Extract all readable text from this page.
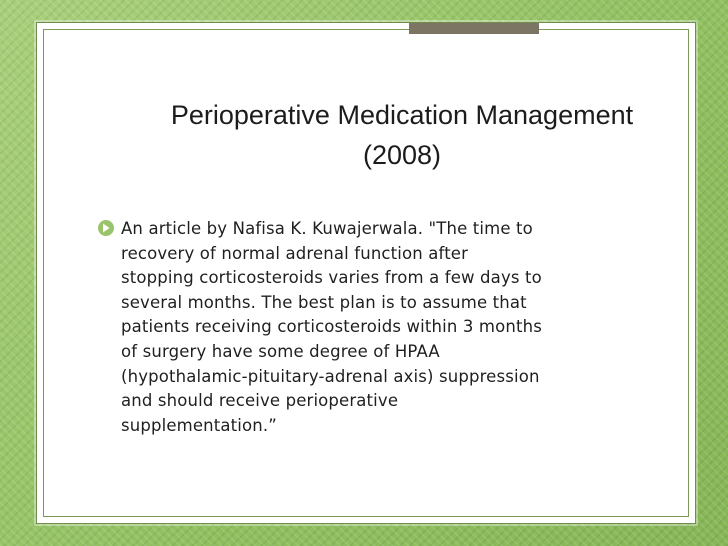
Perioperative Medication Management (2008)

An article by Nafisa K. Kuwajerwala. "The time to
recovery of normal adrenal function after
stopping corticosteroids varies from a few days to
several months. The best plan is to assume that
patients receiving corticosteroids within 3 months
of surgery have some degree of HPAA
(hypothalamic-pituitary-adrenal axis) suppression
and should receive perioperative
supplementation.”
